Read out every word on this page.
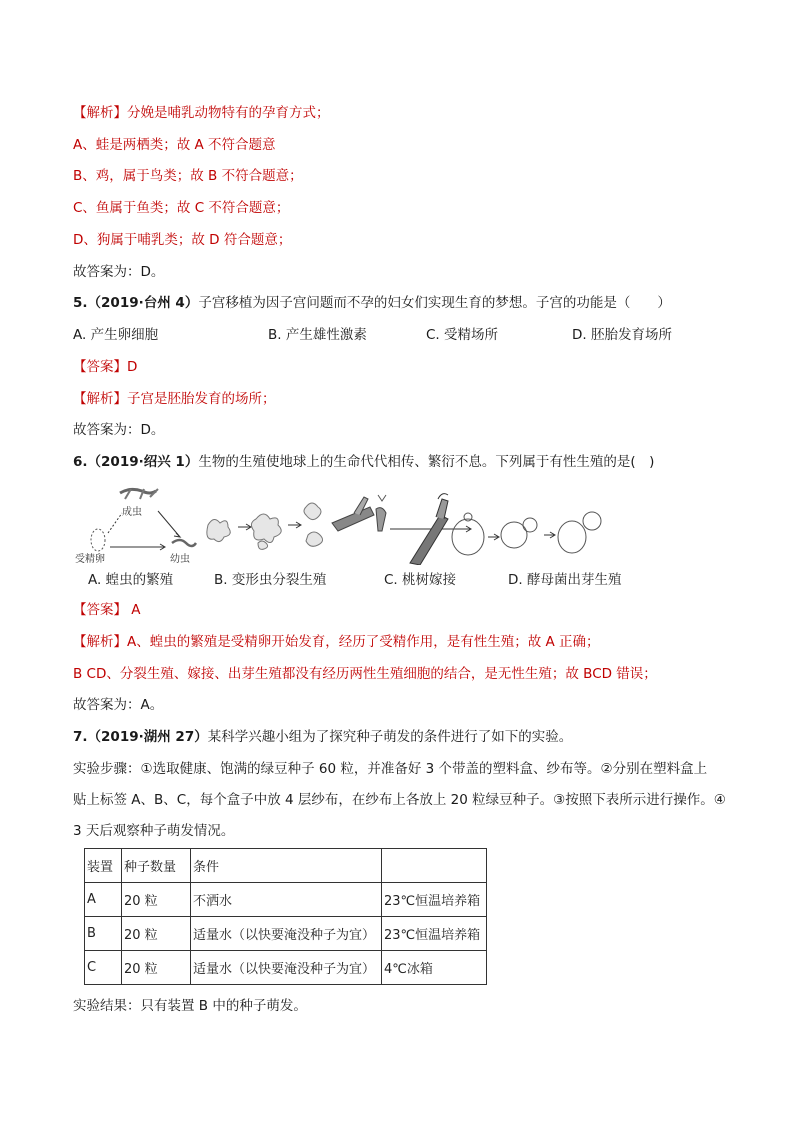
【解析】分娩是哺乳动物特有的孕育方式；
A、蛙是两栖类；故 A 不符合题意
B、鸡，属于鸟类；故 B 不符合题意；
C、鱼属于鱼类；故 C 不符合题意；
D、狗属于哺乳类；故 D 符合题意；
故答案为：D。
5.（2019·台州 4）子宫移植为因子宫问题而不孕的妇女们实现生育的梦想。子宫的功能是（　　）
A. 产生卵细胞	B. 产生雄性激素	C. 受精场所	D. 胚胎发育场所
【答案】D
【解析】子宫是胚胎发育的场所；
故答案为：D。
6.（2019·绍兴 1）生物的生殖使地球上的生命代代相传、繁衍不息。下列属于有性生殖的是(　)
成虫
受精卵	幼虫
A. 蝗虫的繁殖	B. 变形虫分裂生殖	C. 桃树嫁接	D. 酵母菌出芽生殖
【答案】 A
【解析】A、蝗虫的繁殖是受精卵开始发育，经历了受精作用，是有性生殖；故 A 正确；
B CD、分裂生殖、嫁接、出芽生殖都没有经历两性生殖细胞的结合，是无性生殖；故 BCD 错误；
故答案为：A。
7.（2019·湖州 27）某科学兴趣小组为了探究种子萌发的条件进行了如下的实验。
实验步骤：①选取健康、饱满的绿豆种子 60 粒，并准备好 3 个带盖的塑料盒、纱布等。②分别在塑料盒上
贴上标签 A、B、C，每个盒子中放 4 层纱布，在纱布上各放上 20 粒绿豆种子。③按照下表所示进行操作。④
3 天后观察种子萌发情况。
装置	种子数量	条件	
A	20 粒	不洒水	23℃恒温培养箱
B	20 粒	适量水（以快要淹没种子为宜）	23℃恒温培养箱
C	20 粒	适量水（以快要淹没种子为宜）	4℃冰箱
实验结果：只有装置 B 中的种子萌发。
